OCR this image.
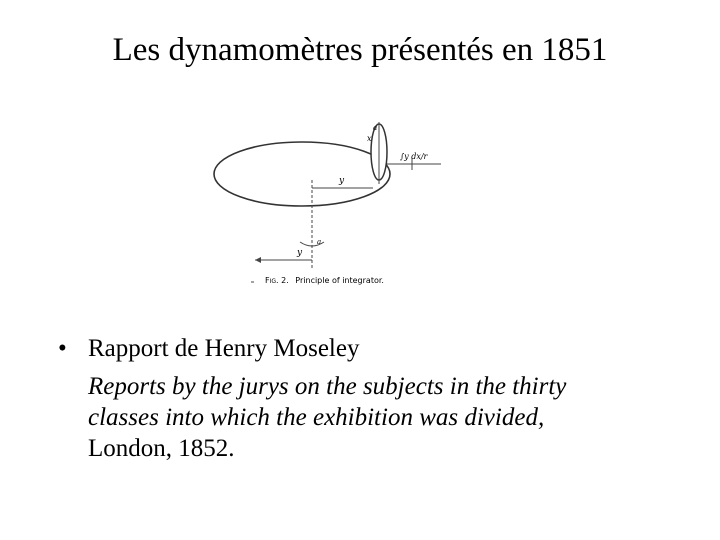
Les dynamomètres présentés en 1851
y
y
x
∫y dx/r
a
a
Fig. 2. Principle of integrator.
• Rapport de Henry Moseley
Reports by the jurys on the subjects in the thirty
classes into which the exhibition was divided,
London, 1852.
